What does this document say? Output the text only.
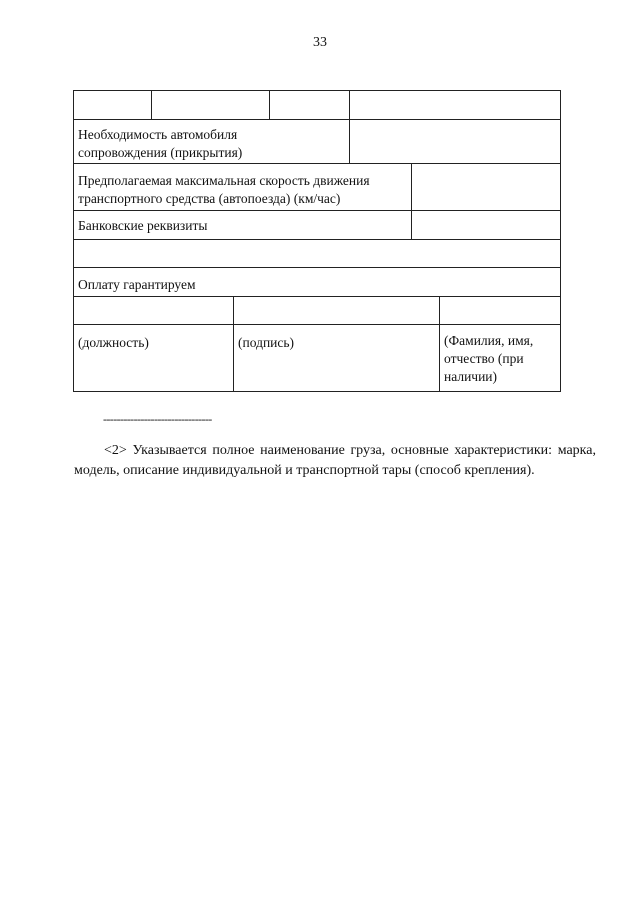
33
Необходимость автомобиля
сопровождения (прикрытия)
Предполагаемая максимальная скорость движения
транспортного средства (автопоезда) (км/час)
Банковские реквизиты
Оплату гарантируем
(должность)	(подпись)	(Фамилия, имя,
отчество (при
наличии)
--------------------------------
<2> Указывается полное наименование груза, основные характеристики: марка, модель, описание индивидуальной и транспортной тары (способ крепления).
